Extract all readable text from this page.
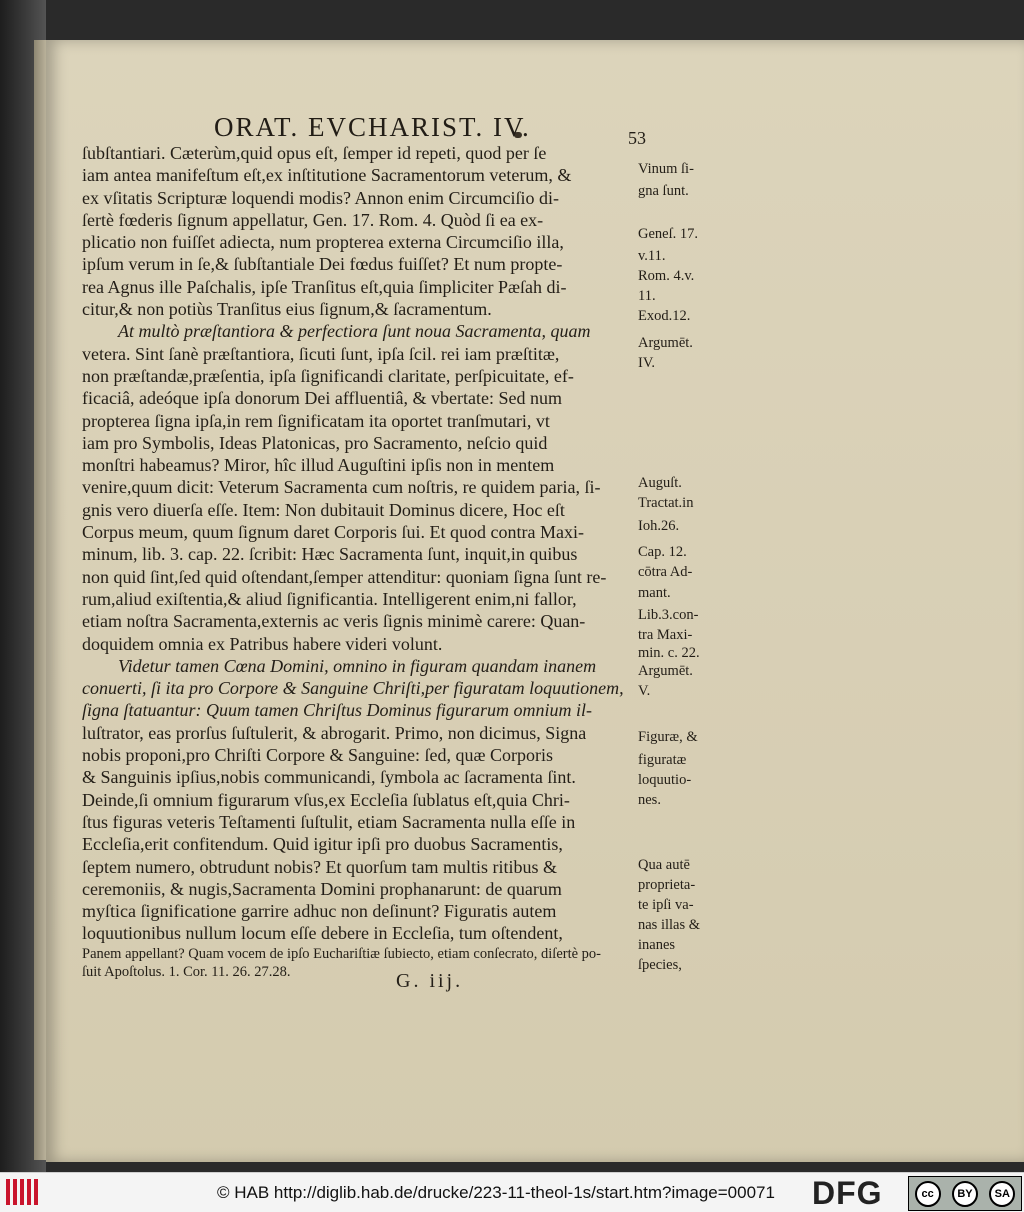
ORAT. EVCHARIST. IV.	53
ſubſtantiari. Cæterùm,quid opus eſt, ſemper id repeti, quod per ſe
iam antea manifeſtum eſt,ex inſtitutione Sacramentorum veterum, &
ex vſitatis Scripturæ loquendi modis? Annon enim Circumciſio di-
ſertè fœderis ſignum appellatur, Gen. 17. Rom. 4. Quòd ſi ea ex-
plicatio non fuiſſet adiecta, num propterea externa Circumciſio illa,
ipſum verum in ſe,& ſubſtantiale Dei fœdus fuiſſet? Et num propte-
rea Agnus ille Paſchalis, ipſe Tranſitus eſt,quia ſimpliciter Pæſah di-
citur,& non potiùs Tranſitus eius ſignum,& ſacramentum.
At multò præſtantiora & perfectiora ſunt noua Sacramenta, quam
vetera. Sint ſanè præſtantiora, ſicuti ſunt, ipſa ſcil. rei iam præſtitæ,
non præſtandæ,præſentia, ipſa ſignificandi claritate, perſpicuitate, ef-
ficaciâ, adeóque ipſa donorum Dei affluentiâ, & vbertate: Sed num
propterea ſigna ipſa,in rem ſignificatam ita oportet tranſmutari, vt
iam pro Symbolis, Ideas Platonicas, pro Sacramento, neſcio quid
monſtri habeamus? Miror, hîc illud Auguſtini ipſis non in mentem
venire,quum dicit: Veterum Sacramenta cum noſtris, re quidem paria, ſi-
gnis vero diuerſa eſſe. Item: Non dubitauit Dominus dicere, Hoc eſt
Corpus meum, quum ſignum daret Corporis ſui. Et quod contra Maxi-
minum, lib. 3. cap. 22. ſcribit: Hæc Sacramenta ſunt, inquit,in quibus
non quid ſint,ſed quid oſtendant,ſemper attenditur: quoniam ſigna ſunt re-
rum,aliud exiſtentia,& aliud ſignificantia. Intelligerent enim,ni fallor,
etiam noſtra Sacramenta,externis ac veris ſignis minimè carere: Quan-
doquidem omnia ex Patribus habere videri volunt.
Videtur tamen Cœna Domini, omnino in figuram quandam inanem
conuerti, ſi ita pro Corpore & Sanguine Chriſti,per figuratam loquutionem,
ſigna ſtatuantur: Quum tamen Chriſtus Dominus figurarum omnium il-
luſtrator, eas prorſus ſuſtulerit, & abrogarit. Primo, non dicimus, Signa
nobis proponi,pro Chriſti Corpore & Sanguine: ſed, quæ Corporis
& Sanguinis ipſius,nobis communicandi, ſymbola ac ſacramenta ſint.
Deinde,ſi omnium figurarum vſus,ex Eccleſia ſublatus eſt,quia Chri-
ſtus figuras veteris Teſtamenti ſuſtulit, etiam Sacramenta nulla eſſe in
Eccleſia,erit confitendum. Quid igitur ipſi pro duobus Sacramentis,
ſeptem numero, obtrudunt nobis? Et quorſum tam multis ritibus &
ceremoniis, & nugis,Sacramenta Domini prophanarunt: de quarum
myſtica ſignificatione garrire adhuc non deſinunt? Figuratis autem
loquutionibus nullum locum eſſe debere in Eccleſia, tum oſtendent,
Panem appellant? Quam vocem de ipſo Euchariſtiæ ſubiecto, etiam conſecrato, diſertè po-
ſuit Apoſtolus. 1. Cor. 11. 26. 27.28.
Vinum ſi-
gna ſunt.
Geneſ. 17.
v.11.
Rom. 4.v.
11.
Exod.12.
Argumēt.
IV.
Auguſt.
Tractat.in
Ioh.26.
Cap. 12.
cōtra Ad-
mant.
Lib.3.con-
tra Maxi-
min. c. 22.
Argumēt.
V.
Figuræ, &
figuratæ
loquutio-
nes.
Qua autē
proprieta-
te ipſi va-
nas illas &
inanes
ſpecies,
G. iij.
© HAB http://diglib.hab.de/drucke/223-11-theol-1s/start.htm?image=00071 DFG	cc	BY	SA
